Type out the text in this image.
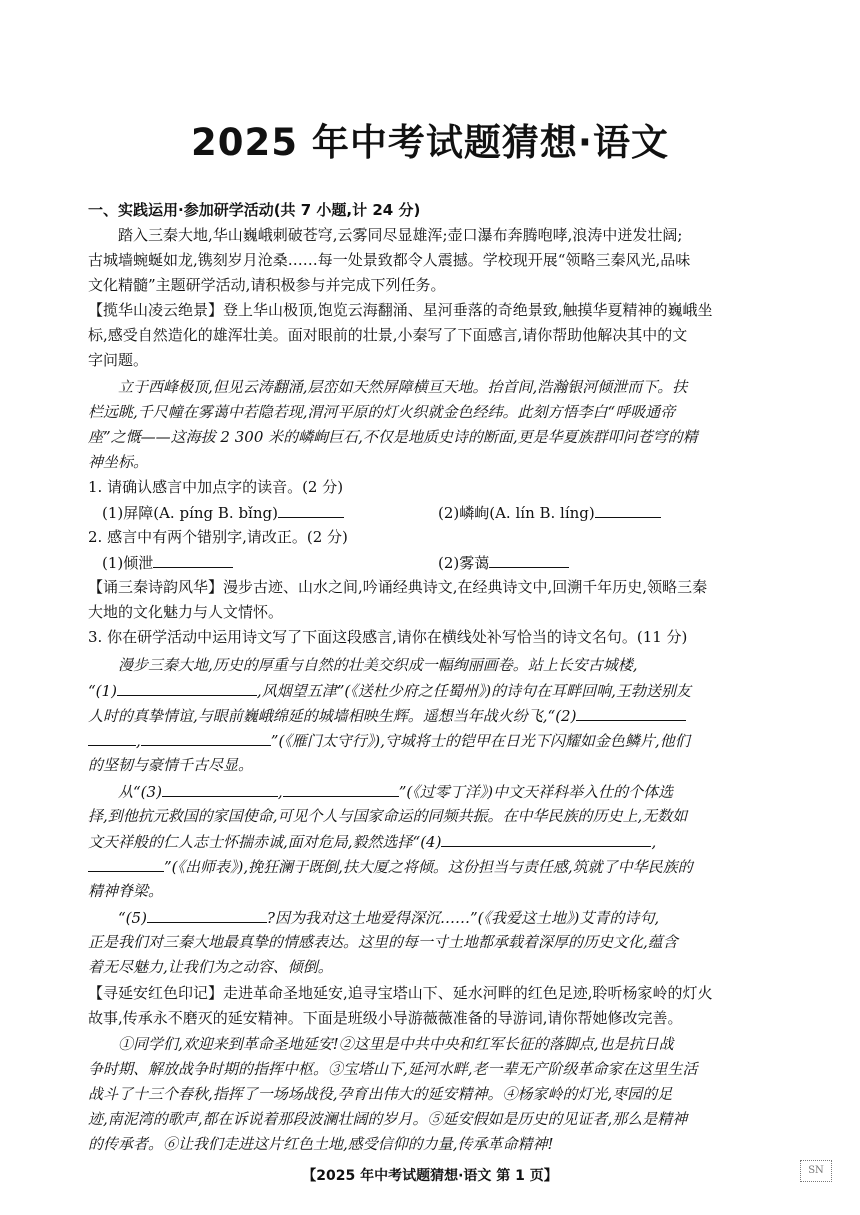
2025 年中考试题猜想·语文
一、实践运用·参加研学活动(共 7 小题,计 24 分)
踏入三秦大地,华山巍峨刺破苍穹,云雾同尽显雄浑;壶口瀑布奔腾咆哮,浪涛中迸发壮阔;
古城墙蜿蜒如龙,镌刻岁月沧桑……每一处景致都令人震撼。学校现开展“领略三秦风光,品味
文化精髓”主题研学活动,请积极参与并完成下列任务。
【揽华山凌云绝景】登上华山极顶,饱览云海翻涌、星河垂落的奇绝景致,触摸华夏精神的巍峨坐
标,感受自然造化的雄浑壮美。面对眼前的壮景,小秦写了下面感言,请你帮助他解决其中的文
字问题。
立于西峰极顶,但见云涛翻涌,层峦如天然屏障横亘天地。抬首间,浩瀚银河倾泄而下。扶
栏远眺,千尺幢在雾蔼中若隐若现,渭河平原的灯火织就金色经纬。此刻方悟李白“呼吸通帝
座”之慨——这海拔 2 300 米的嶙峋巨石,不仅是地质史诗的断面,更是华夏族群叩问苍穹的精
神坐标。
1. 请确认感言中加点字的读音。(2 分)
(1)屏障(A. píng B. bǐng)	(2)嶙峋(A. lín B. líng)
2. 感言中有两个错别字,请改正。(2 分)
(1)倾泄	(2)雾蔼
【诵三秦诗韵风华】漫步古迹、山水之间,吟诵经典诗文,在经典诗文中,回溯千年历史,领略三秦
大地的文化魅力与人文情怀。
3. 你在研学活动中运用诗文写了下面这段感言,请你在横线处补写恰当的诗文名句。(11 分)
漫步三秦大地,历史的厚重与自然的壮美交织成一幅绚丽画卷。站上长安古城楼,
“(1)	,风烟望五津”(《送杜少府之任蜀州》)的诗句在耳畔回响,王勃送别友
人时的真挚情谊,与眼前巍峨绵延的城墙相映生辉。遥想当年战火纷飞,“(2)
,	”(《雁门太守行》),守城将士的铠甲在日光下闪耀如金色鳞片,他们
的坚韧与豪情千古尽显。
从“(3)	,	”(《过零丁洋》)中文天祥科举入仕的个体选
择,到他抗元救国的家国使命,可见个人与国家命运的同频共振。在中华民族的历史上,无数如
文天祥般的仁人志士怀揣赤诚,面对危局,毅然选择“(4)	,
”(《出师表》),挽狂澜于既倒,扶大厦之将倾。这份担当与责任感,筑就了中华民族的
精神脊梁。
“(5)	?因为我对这土地爱得深沉……”(《我爱这土地》)艾青的诗句,
正是我们对三秦大地最真挚的情感表达。这里的每一寸土地都承载着深厚的历史文化,蕴含
着无尽魅力,让我们为之动容、倾倒。
【寻延安红色印记】走进革命圣地延安,追寻宝塔山下、延水河畔的红色足迹,聆听杨家岭的灯火
故事,传承永不磨灭的延安精神。下面是班级小导游薇薇准备的导游词,请你帮她修改完善。
①同学们,欢迎来到革命圣地延安!②这里是中共中央和红军长征的落脚点,也是抗日战
争时期、解放战争时期的指挥中枢。③宝塔山下,延河水畔,老一辈无产阶级革命家在这里生活
战斗了十三个春秋,指挥了一场场战役,孕育出伟大的延安精神。④杨家岭的灯光,枣园的足
迹,南泥湾的歌声,都在诉说着那段波澜壮阔的岁月。⑤延安假如是历史的见证者,那么是精神
的传承者。⑥让我们走进这片红色土地,感受信仰的力量,传承革命精神!
【2025 年中考试题猜想·语文 第 1 页】	SN
